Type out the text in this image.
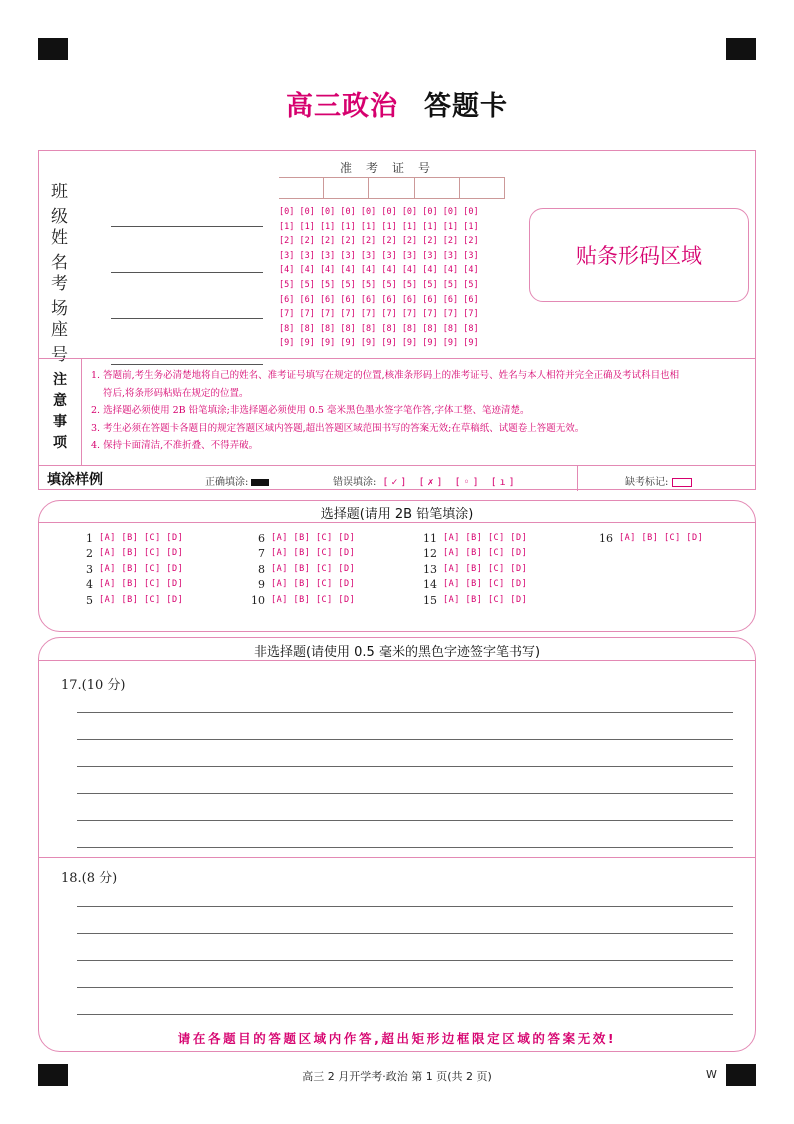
高三政治 答题卡
班级
姓名
考场
座号
准考证号
[0] [0] [0] [0] [0] [0] [0] [0] [0] [0]
[1] [1] [1] [1] [1] [1] [1] [1] [1] [1]
[2] [2] [2] [2] [2] [2] [2] [2] [2] [2]
[3] [3] [3] [3] [3] [3] [3] [3] [3] [3]
[4] [4] [4] [4] [4] [4] [4] [4] [4] [4]
[5] [5] [5] [5] [5] [5] [5] [5] [5] [5]
[6] [6] [6] [6] [6] [6] [6] [6] [6] [6]
[7] [7] [7] [7] [7] [7] [7] [7] [7] [7]
[8] [8] [8] [8] [8] [8] [8] [8] [8] [8]
[9] [9] [9] [9] [9] [9] [9] [9] [9] [9]
贴条形码区域
注
意
事
项
1. 答题前,考生务必清楚地将自己的姓名、准考证号填写在规定的位置,核准条形码上的准考证号、姓名与本人相符并完全正确及考试科目也相
符后,将条形码粘贴在规定的位置。
2. 选择题必须使用 2B 铅笔填涂;非选择题必须使用 0.5 毫米黑色墨水签字笔作答,字体工整、笔迹清楚。
3. 考生必须在答题卡各题目的规定答题区域内答题,超出答题区域范围书写的答案无效;在草稿纸、试题卷上答题无效。
4. 保持卡面清洁,不准折叠、不得弄破。
填涂样例	正确填涂:	错误填涂: [✓] [✗] [◦] [ı]	缺考标记:
选择题(请用 2B 铅笔填涂)
1 [A] [B] [C] [D]
2 [A] [B] [C] [D]
3 [A] [B] [C] [D]
4 [A] [B] [C] [D]
5 [A] [B] [C] [D]
6 [A] [B] [C] [D]
7 [A] [B] [C] [D]
8 [A] [B] [C] [D]
9 [A] [B] [C] [D]
10 [A] [B] [C] [D]
11 [A] [B] [C] [D]
12 [A] [B] [C] [D]
13 [A] [B] [C] [D]
14 [A] [B] [C] [D]
15 [A] [B] [C] [D]
16 [A] [B] [C] [D]
非选择题(请使用 0.5 毫米的黑色字迹签字笔书写)
17.(10 分)
18.(8 分)
请在各题目的答题区域内作答,超出矩形边框限定区域的答案无效!
高三 2 月开学考·政治 第 1 页(共 2 页)	W
